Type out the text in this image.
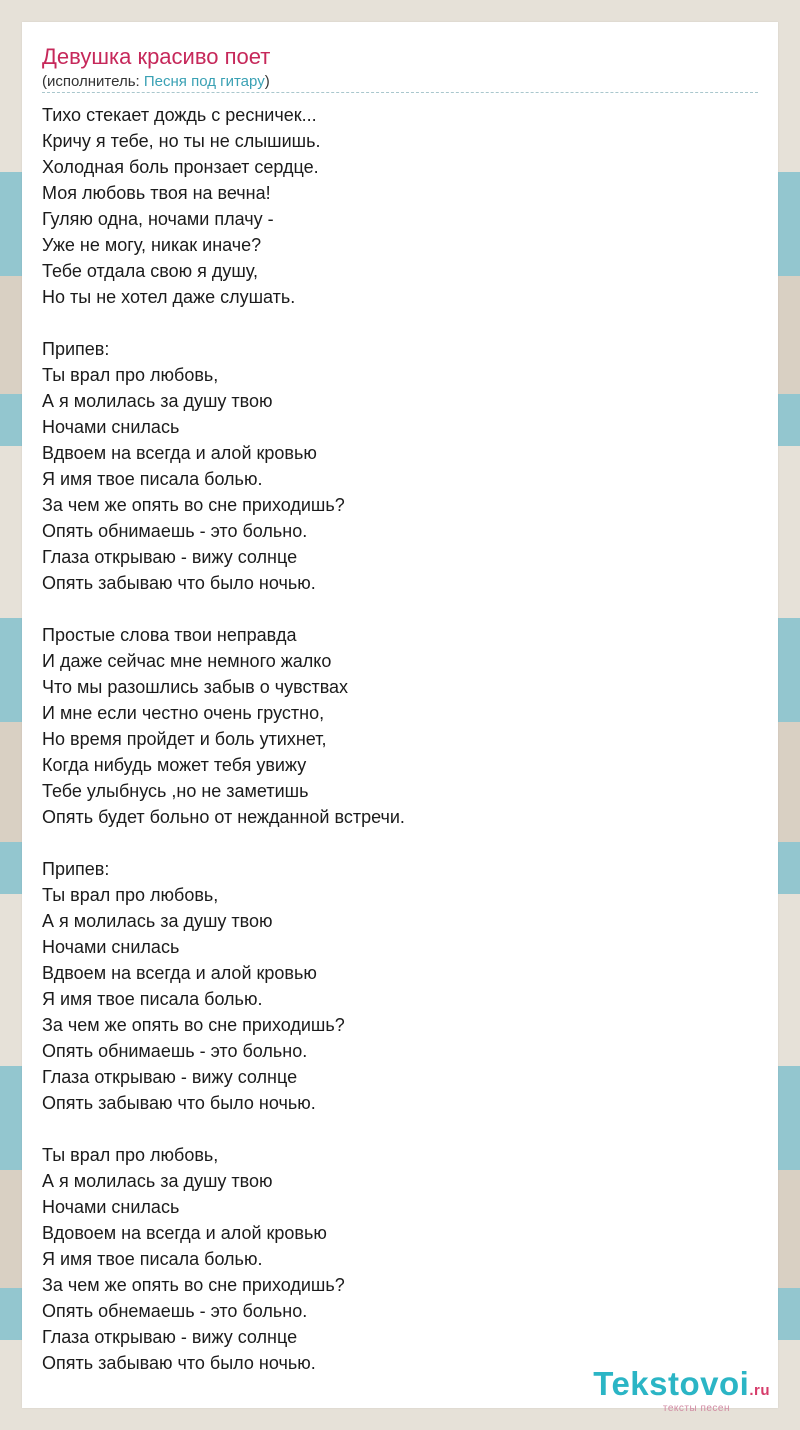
Девушка красиво поет
(исполнитель: Песня под гитару)
Тихо стекает дождь с ресничек...
Кричу я тебе, но ты не слышишь.
Холодная боль пронзает сердце.
Моя любовь твоя на вечна!
Гуляю одна, ночами плачу -
Уже не могу, никак иначе?
Тебе отдала свою я душу,
Но ты не хотел даже слушать.
Припев:
Ты врал про любовь,
А я молилась за душу твою
Ночами снилась
Вдвоем на всегда и алой кровью
Я имя твое писала болью.
За чем же опять во сне приходишь?
Опять обнимаешь - это больно.
Глаза открываю - вижу солнце
Опять забываю что было ночью.
Простые слова твои неправда
И даже сейчас мне немного жалко
Что мы разошлись забыв о чувствах
И мне если честно очень грустно,
Но время пройдет и боль утихнет,
Когда нибудь может тебя увижу
Тебе улыбнусь ,но не заметишь
Опять будет больно от нежданной встречи.
Припев:
Ты врал про любовь,
А я молилась за душу твою
Ночами снилась
Вдвоем на всегда и алой кровью
Я имя твое писала болью.
За чем же опять во сне приходишь?
Опять обнимаешь - это больно.
Глаза открываю - вижу солнце
Опять забываю что было ночью.
Ты врал про любовь,
А я молилась за душу твою
Ночами снилась
Вдовоем на всегда и алой кровью
Я имя твое писала болью.
За чем же опять во сне приходишь?
Опять обнемаешь - это больно.
Глаза открываю - вижу солнце
Опять забываю что было ночью.
Tekstovoi.ru
тексты песен
